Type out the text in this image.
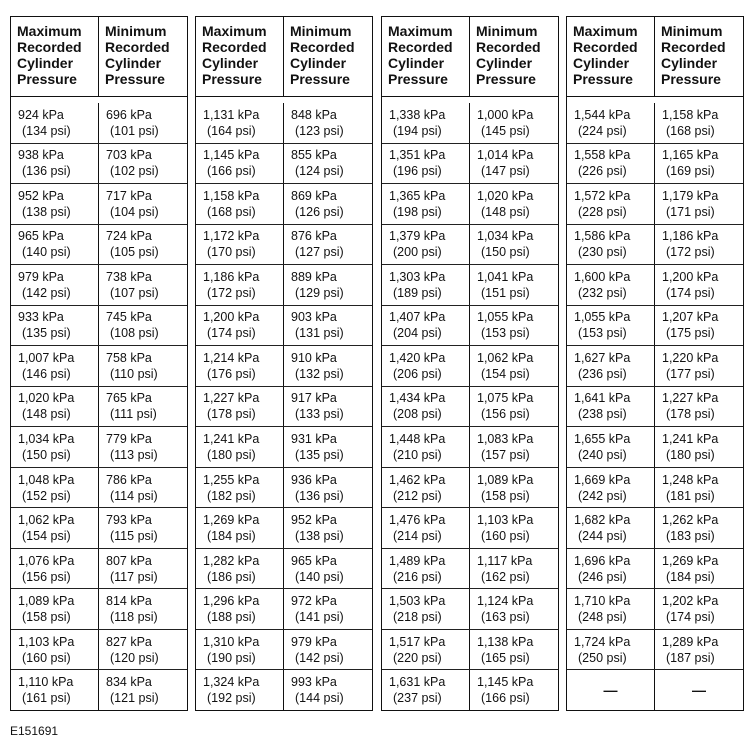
Maximum
Recorded
Cylinder
Pressure
Minimum
Recorded
Cylinder
Pressure
924 kPa
(134 psi)
696 kPa
(101 psi)
938 kPa
(136 psi)
703 kPa
(102 psi)
952 kPa
(138 psi)
717 kPa
(104 psi)
965 kPa
(140 psi)
724 kPa
(105 psi)
979 kPa
(142 psi)
738 kPa
(107 psi)
933 kPa
(135 psi)
745 kPa
(108 psi)
1,007 kPa
(146 psi)
758 kPa
(110 psi)
1,020 kPa
(148 psi)
765 kPa
(111 psi)
1,034 kPa
(150 psi)
779 kPa
(113 psi)
1,048 kPa
(152 psi)
786 kPa
(114 psi)
1,062 kPa
(154 psi)
793 kPa
(115 psi)
1,076 kPa
(156 psi)
807 kPa
(117 psi)
1,089 kPa
(158 psi)
814 kPa
(118 psi)
1,103 kPa
(160 psi)
827 kPa
(120 psi)
1,110 kPa
(161 psi)
834 kPa
(121 psi)
Maximum
Recorded
Cylinder
Pressure
Minimum
Recorded
Cylinder
Pressure
1,131 kPa
(164 psi)
848 kPa
(123 psi)
1,145 kPa
(166 psi)
855 kPa
(124 psi)
1,158 kPa
(168 psi)
869 kPa
(126 psi)
1,172 kPa
(170 psi)
876 kPa
(127 psi)
1,186 kPa
(172 psi)
889 kPa
(129 psi)
1,200 kPa
(174 psi)
903 kPa
(131 psi)
1,214 kPa
(176 psi)
910 kPa
(132 psi)
1,227 kPa
(178 psi)
917 kPa
(133 psi)
1,241 kPa
(180 psi)
931 kPa
(135 psi)
1,255 kPa
(182 psi)
936 kPa
(136 psi)
1,269 kPa
(184 psi)
952 kPa
(138 psi)
1,282 kPa
(186 psi)
965 kPa
(140 psi)
1,296 kPa
(188 psi)
972 kPa
(141 psi)
1,310 kPa
(190 psi)
979 kPa
(142 psi)
1,324 kPa
(192 psi)
993 kPa
(144 psi)
Maximum
Recorded
Cylinder
Pressure
Minimum
Recorded
Cylinder
Pressure
1,338 kPa
(194 psi)
1,000 kPa
(145 psi)
1,351 kPa
(196 psi)
1,014 kPa
(147 psi)
1,365 kPa
(198 psi)
1,020 kPa
(148 psi)
1,379 kPa
(200 psi)
1,034 kPa
(150 psi)
1,303 kPa
(189 psi)
1,041 kPa
(151 psi)
1,407 kPa
(204 psi)
1,055 kPa
(153 psi)
1,420 kPa
(206 psi)
1,062 kPa
(154 psi)
1,434 kPa
(208 psi)
1,075 kPa
(156 psi)
1,448 kPa
(210 psi)
1,083 kPa
(157 psi)
1,462 kPa
(212 psi)
1,089 kPa
(158 psi)
1,476 kPa
(214 psi)
1,103 kPa
(160 psi)
1,489 kPa
(216 psi)
1,117 kPa
(162 psi)
1,503 kPa
(218 psi)
1,124 kPa
(163 psi)
1,517 kPa
(220 psi)
1,138 kPa
(165 psi)
1,631 kPa
(237 psi)
1,145 kPa
(166 psi)
Maximum
Recorded
Cylinder
Pressure
Minimum
Recorded
Cylinder
Pressure
1,544 kPa
(224 psi)
1,158 kPa
(168 psi)
1,558 kPa
(226 psi)
1,165 kPa
(169 psi)
1,572 kPa
(228 psi)
1,179 kPa
(171 psi)
1,586 kPa
(230 psi)
1,186 kPa
(172 psi)
1,600 kPa
(232 psi)
1,200 kPa
(174 psi)
1,055 kPa
(153 psi)
1,207 kPa
(175 psi)
1,627 kPa
(236 psi)
1,220 kPa
(177 psi)
1,641 kPa
(238 psi)
1,227 kPa
(178 psi)
1,655 kPa
(240 psi)
1,241 kPa
(180 psi)
1,669 kPa
(242 psi)
1,248 kPa
(181 psi)
1,682 kPa
(244 psi)
1,262 kPa
(183 psi)
1,696 kPa
(246 psi)
1,269 kPa
(184 psi)
1,710 kPa
(248 psi)
1,202 kPa
(174 psi)
1,724 kPa
(250 psi)
1,289 kPa
(187 psi)
—	—
E151691
